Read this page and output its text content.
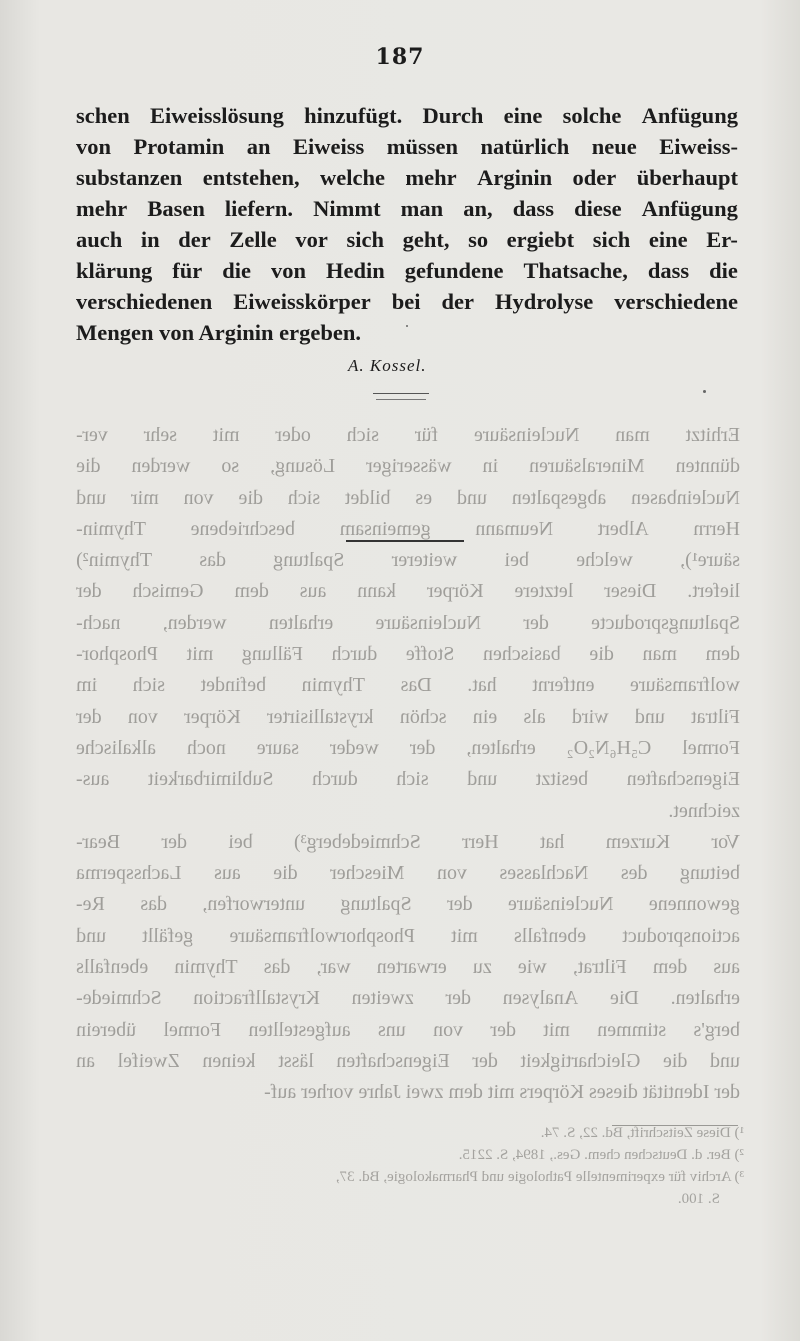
187
schen Eiweisslösung hinzufügt. Durch eine solche Anfügung
von Protamin an Eiweiss müssen natürlich neue Eiweiss-
substanzen entstehen, welche mehr Arginin oder überhaupt
mehr Basen liefern. Nimmt man an, dass diese Anfügung
auch in der Zelle vor sich geht, so ergiebt sich eine Er-
klärung für die von Hedin gefundene Thatsache, dass die
verschiedenen Eiweisskörper bei der Hydrolyse verschiedene
Mengen von Arginin ergeben.
A. Kossel.
Erhitzt
man
Nucleinsäure
für
sich
oder
mit
sehr
ver-
dünnten
Mineralsäuren
in
wässeriger
Lösung,
so
werden
die
Nucleinbasen
abgespalten
und
es
bildet
sich
die
von
mir
und
Herrn
Albert
Neumann
gemeinsam
beschriebene
Thymin-
säure¹),
welche
bei
weiterer
Spaltung
das
Thymin²)
liefert.
Dieser
letztere
Körper
kann
aus
dem
Gemisch
der
Spaltungsproducte
der
Nucleinsäure
erhalten
werden,
nach-
dem
man
die
basischen
Stoffe
durch
Fällung
mit
Phosphor-
wolframsäure
entfernt
hat.
Das
Thymin
befindet
sich
im
Filtrat
und
wird
als
ein
schön
krystallisirter
Körper
von
der
Formel
C₅H₆N₂O₂
erhalten,
der
weder
saure
noch
alkalische
Eigenschaften
besitzt
und
sich
durch
Sublimirbarkeit
aus-
zeichnet.
Vor
Kurzem
hat
Herr
Schmiedeberg³)
bei
der
Bear-
beitung
des
Nachlasses
von
Miescher
die
aus
Lachssperma
gewonnene
Nucleinsäure
der
Spaltung
unterworfen,
das
Re-
actionsproduct
ebenfalls
mit
Phosphorwolframsäure
gefällt
und
aus
dem
Filtrat,
wie
zu
erwarten
war,
das
Thymin
ebenfalls
erhalten.
Die
Analysen
der
zweiten
Krystallfraction
Schmiede-
berg's
stimmen
mit
der
von
uns
aufgestellten
Formel
überein
und
die
Gleichartigkeit
der
Eigenschaften
lässt
keinen
Zweifel
an
der Identität dieses Körpers mit dem zwei Jahre vorher auf-
¹) Diese Zeitschrift, Bd. 22, S. 74.
²) Ber. d. Deutschen chem. Ges., 1894, S. 2215.
³) Archiv für experimentelle Pathologie und Pharmakologie, Bd. 37,
S. 100.
